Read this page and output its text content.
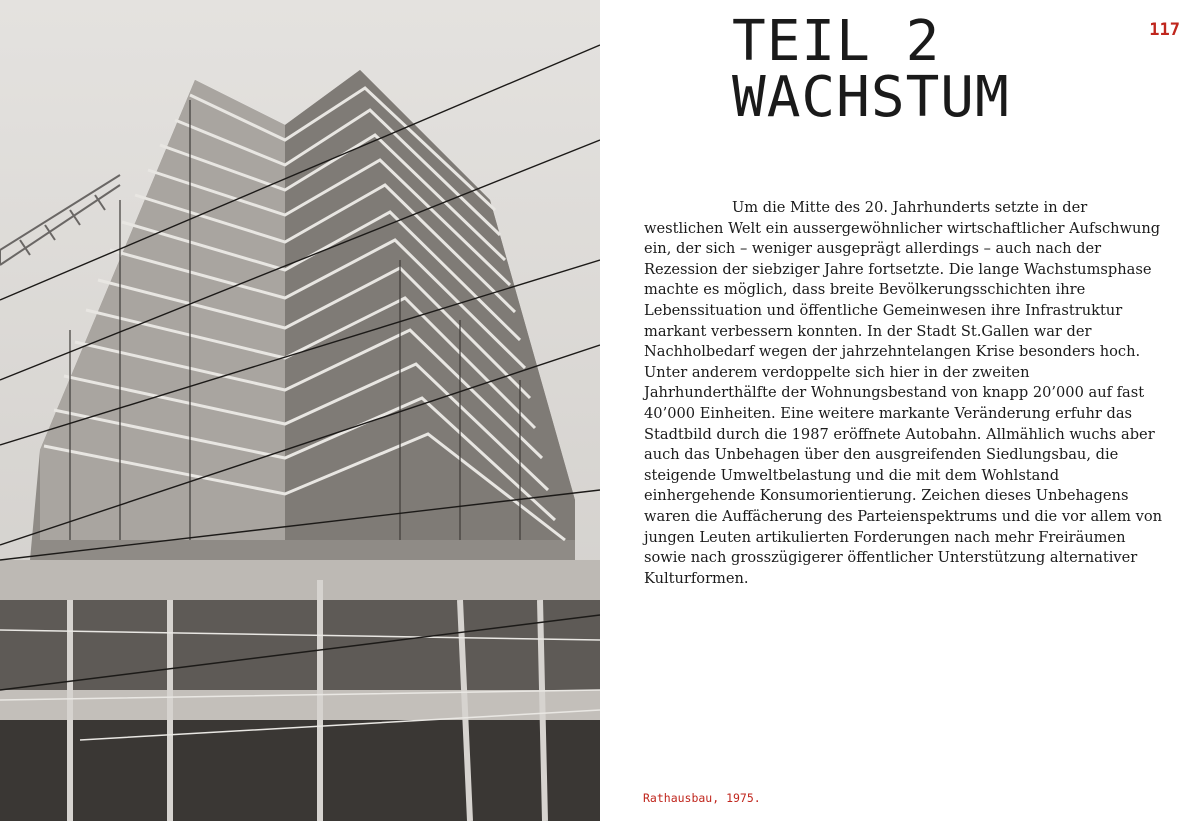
117
TEIL 2
WACHSTUM

Um die Mitte des 20. Jahrhunderts setzte in der westlichen Welt ein aussergewöhnlicher wirtschaftlicher Aufschwung ein, der sich – weniger ausgeprägt allerdings – auch nach der Rezession der siebziger Jahre fortsetzte. Die lange Wachstumsphase machte es möglich, dass breite Bevölkerungsschichten ihre Lebenssituation und öffentliche Gemeinwesen ihre Infrastruktur markant verbessern konnten. In der Stadt St.Gallen war der Nachholbedarf wegen der jahrzehntelangen Krise besonders hoch. Unter anderem verdoppelte sich hier in der zweiten Jahrhunderthälfte der Wohnungsbestand von knapp 20’000 auf fast 40’000 Einheiten. Eine weitere markante Veränderung erfuhr das Stadtbild durch die 1987 eröffnete Autobahn. Allmählich wuchs aber auch das Unbehagen über den ausgreifenden Siedlungsbau, die steigende Umweltbelastung und die mit dem Wohlstand einhergehende Konsumorientierung. Zeichen dieses Unbehagens waren die Auffächerung des Parteienspektrums und die vor allem von jungen Leuten artikulierten Forderungen nach mehr Freiräumen sowie nach grosszügigerer öffentlicher Unterstützung alternativer Kulturformen.

Rathausbau, 1975.
